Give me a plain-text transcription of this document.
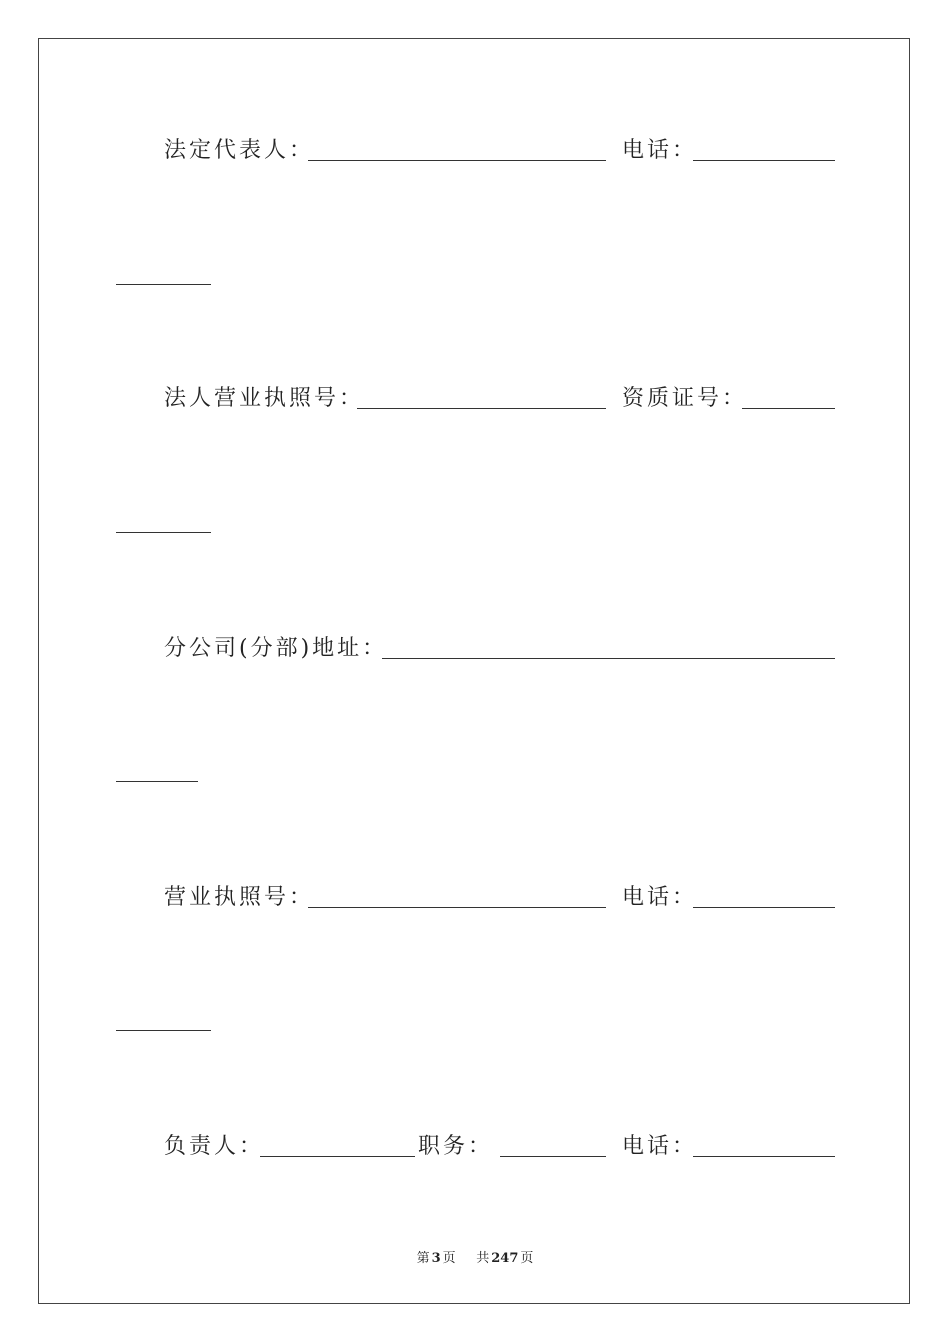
法定代表人：	电话：
法人营业执照号：	资质证号：
分公司(分部)地址：
营业执照号：	电话：
负责人：	职务：	电话：
第 3 页 共 247 页
